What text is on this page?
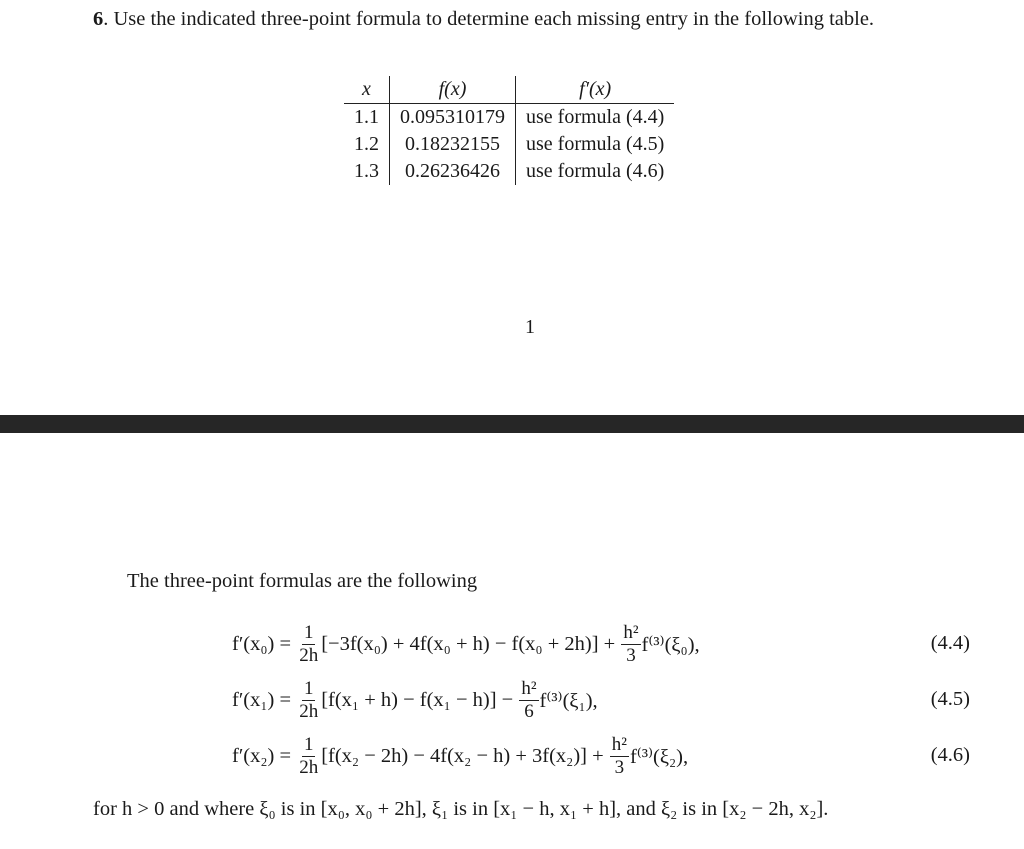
6. Use the indicated three-point formula to determine each missing entry in the following table.
x	f(x)	f′(x)
1.1	0.095310179	use formula (4.4)
1.2	0.18232155	use formula (4.5)
1.3	0.26236426	use formula (4.6)
1
The three-point formulas are the following
f′(x₀) =
$\frac{1}{2h} [-3f(x_0) + 4f(x_0 + h) - f(x_0 + 2h)]$ +
$\frac{\text{h²}}{3} f^{(3)}(\xi_0)$,	(4.4)
f′(x₁) =
$\frac{1}{2h} [f(x_1 + h) - f(x_1 - h)]$ −
$\frac{\text{h²}}{6} f^{(3)}(\xi_1)$,	(4.5)
f′(x₂) =
$\frac{1}{2h} [f(x_2 - 2h) - 4f(x_2 - h) + 3f(x_2)]$ +
$\frac{\text{h²}}{3} f^{(3)}(\xi_2)$,	(4.6)
for h > 0 and where ξ₀ is in [x₀, x₀ + 2h], ξ₁ is in [x₁ − h, x₁ + h], and ξ₂ is in [x₂ − 2h, x₂].
